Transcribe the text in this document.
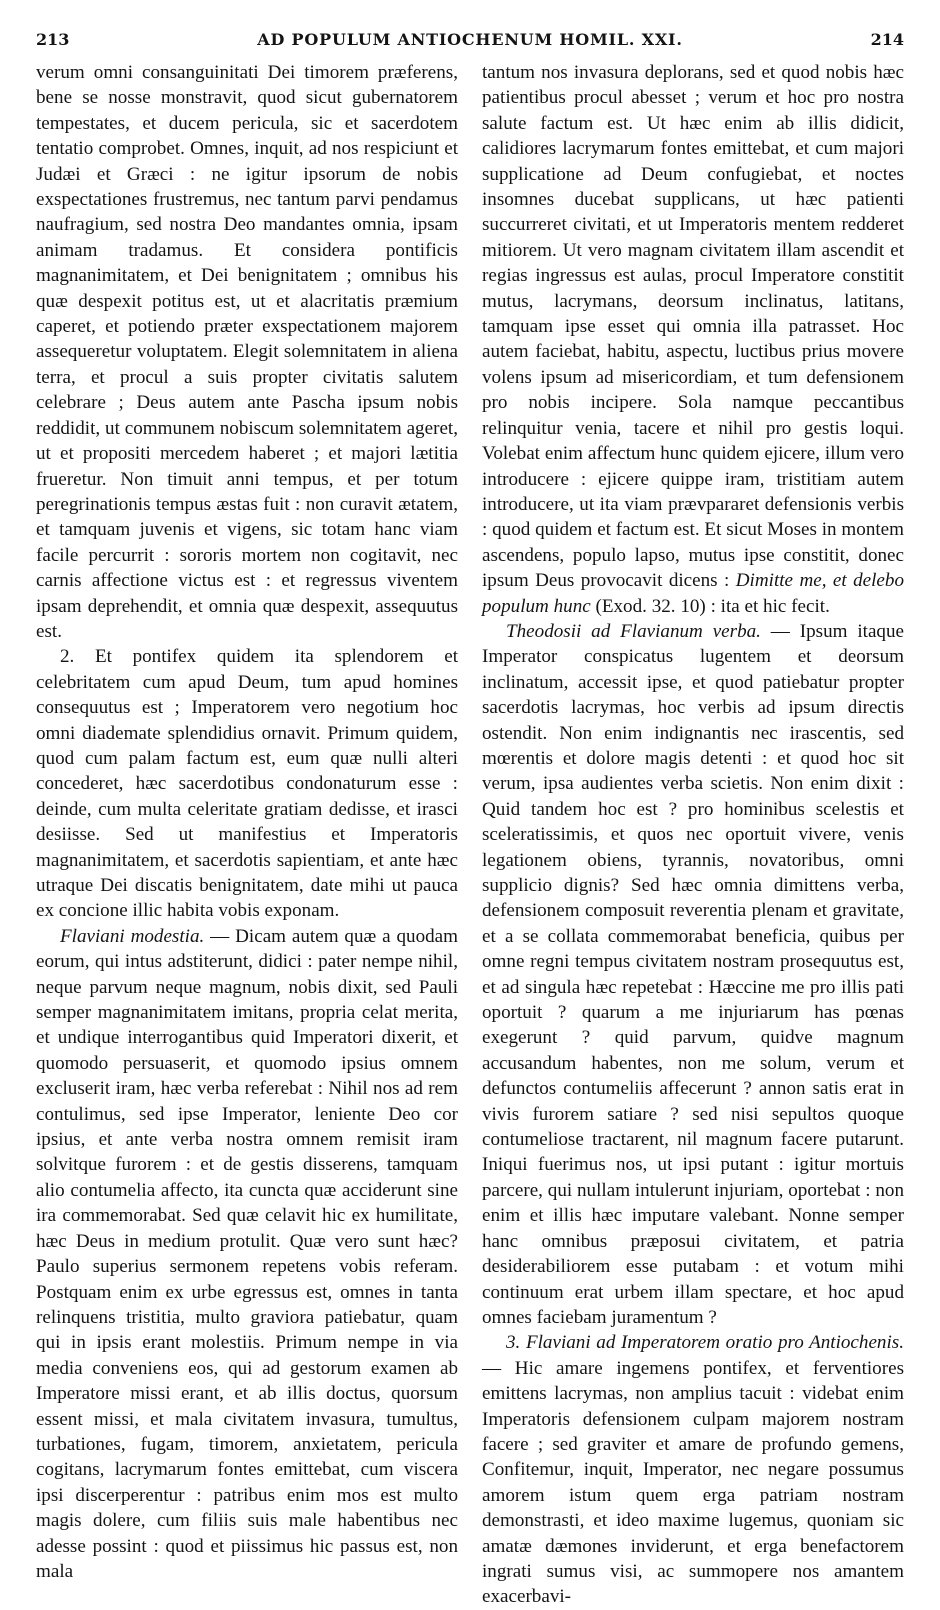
213	AD POPULUM ANTIOCHENUM HOMIL. XXI.	214

verum omni consanguinitati Dei timorem præferens, bene se nosse monstravit, quod sicut gubernatorem tempestates, et ducem pericula, sic et sacerdotem tentatio comprobet. Omnes, inquit, ad nos respiciunt et Judæi et Græci : ne igitur ipsorum de nobis exspectationes frustremus, nec tantum parvi pendamus naufragium, sed nostra Deo mandantes omnia, ipsam animam tradamus. Et considera pontificis magnanimitatem, et Dei benignitatem ; omnibus his quæ despexit potitus est, ut et alacritatis præmium caperet, et potiendo præter exspectationem majorem assequeretur voluptatem. Elegit solemnitatem in aliena terra, et procul a suis propter civitatis salutem celebrare ; Deus autem ante Pascha ipsum nobis reddidit, ut communem nobiscum solemnitatem ageret, ut et propositi mercedem haberet ; et majori lætitia frueretur. Non timuit anni tempus, et per totum peregrinationis tempus æstas fuit : non curavit ætatem, et tamquam juvenis et vigens, sic totam hanc viam facile percurrit : sororis mortem non cogitavit, nec carnis affectione victus est : et regressus viventem ipsam deprehendit, et omnia quæ despexit, assequutus est.

2. Et pontifex quidem ita splendorem et celebritatem cum apud Deum, tum apud homines consequutus est ; Imperatorem vero negotium hoc omni diademate splendidius ornavit. Primum quidem, quod cum palam factum est, eum quæ nulli alteri concederet, hæc sacerdotibus condonaturum esse : deinde, cum multa celeritate gratiam dedisse, et irasci desiisse. Sed ut manifestius et Imperatoris magnanimitatem, et sacerdotis sapientiam, et ante hæc utraque Dei discatis benignitatem, date mihi ut pauca ex concione illic habita vobis exponam.

Flaviani modestia. — Dicam autem quæ a quodam eorum, qui intus adstiterunt, didici : pater nempe nihil, neque parvum neque magnum, nobis dixit, sed Pauli semper magnanimitatem imitans, propria celat merita, et undique interrogantibus quid Imperatori dixerit, et quomodo persuaserit, et quomodo ipsius omnem excluserit iram, hæc verba referebat : Nihil nos ad rem contulimus, sed ipse Imperator, leniente Deo cor ipsius, et ante verba nostra omnem remisit iram solvitque furorem : et de gestis disserens, tamquam alio contumelia affecto, ita cuncta quæ acciderunt sine ira commemorabat. Sed quæ celavit hic ex humilitate, hæc Deus in medium protulit. Quæ vero sunt hæc? Paulo superius sermonem repetens vobis referam. Postquam enim ex urbe egressus est, omnes in tanta relinquens tristitia, multo graviora patiebatur, quam qui in ipsis erant molestiis. Primum nempe in via media conveniens eos, qui ad gestorum examen ab Imperatore missi erant, et ab illis doctus, quorsum essent missi, et mala civitatem invasura, tumultus, turbationes, fugam, timorem, anxietatem, pericula cogitans, lacrymarum fontes emittebat, cum viscera ipsi discerperentur : patribus enim mos est multo magis dolere, cum filiis suis male habentibus nec adesse possint : quod et piissimus hic passus est, non mala

tantum nos invasura deplorans, sed et quod nobis hæc patientibus procul abesset ; verum et hoc pro nostra salute factum est. Ut hæc enim ab illis didicit, calidiores lacrymarum fontes emittebat, et cum majori supplicatione ad Deum confugiebat, et noctes insomnes ducebat supplicans, ut hæc patienti succurreret civitati, et ut Imperatoris mentem redderet mitiorem. Ut vero magnam civitatem illam ascendit et regias ingressus est aulas, procul Imperatore constitit mutus, lacrymans, deorsum inclinatus, latitans, tamquam ipse esset qui omnia illa patrasset. Hoc autem faciebat, habitu, aspectu, luctibus prius movere volens ipsum ad misericordiam, et tum defensionem pro nobis incipere. Sola namque peccantibus relinquitur venia, tacere et nihil pro gestis loqui. Volebat enim affectum hunc quidem ejicere, illum vero introducere : ejicere quippe iram, tristitiam autem introducere, ut ita viam prævpararet defensionis verbis : quod quidem et factum est. Et sicut Moses in montem ascendens, populo lapso, mutus ipse constitit, donec ipsum Deus provocavit dicens : Dimitte me, et delebo populum hunc (Exod. 32. 10) : ita et hic fecit.

Theodosii ad Flavianum verba. — Ipsum itaque Imperator conspicatus lugentem et deorsum inclinatum, accessit ipse, et quod patiebatur propter sacerdotis lacrymas, hoc verbis ad ipsum directis ostendit. Non enim indignantis nec irascentis, sed mœrentis et dolore magis detenti : et quod hoc sit verum, ipsa audientes verba scietis. Non enim dixit : Quid tandem hoc est ? pro hominibus scelestis et sceleratissimis, et quos nec oportuit vivere, venis legationem obiens, tyrannis, novatoribus, omni supplicio dignis? Sed hæc omnia dimittens verba, defensionem composuit reverentia plenam et gravitate, et a se collata commemorabat beneficia, quibus per omne regni tempus civitatem nostram prosequutus est, et ad singula hæc repetebat : Hæccine me pro illis pati oportuit ? quarum a me injuriarum has pœnas exegerunt ? quid parvum, quidve magnum accusandum habentes, non me solum, verum et defunctos contumeliis affecerunt ? annon satis erat in vivis furorem satiare ? sed nisi sepultos quoque contumeliose tractarent, nil magnum facere putarunt. Iniqui fuerimus nos, ut ipsi putant : igitur mortuis parcere, qui nullam intulerunt injuriam, oportebat : non enim et illis hæc imputare valebant. Nonne semper hanc omnibus præposui civitatem, et patria desiderabiliorem esse putabam : et votum mihi continuum erat urbem illam spectare, et hoc apud omnes faciebam juramentum ?

3. Flaviani ad Imperatorem oratio pro Antiochenis. — Hic amare ingemens pontifex, et ferventiores emittens lacrymas, non amplius tacuit : videbat enim Imperatoris defensionem culpam majorem nostram facere ; sed graviter et amare de profundo gemens, Confitemur, inquit, Imperator, nec negare possumus amorem istum quem erga patriam nostram demonstrasti, et ideo maxime lugemus, quoniam sic amatæ dæmones inviderunt, et erga benefactorem ingrati sumus visi, ac summopere nos amantem exacerbavi-
